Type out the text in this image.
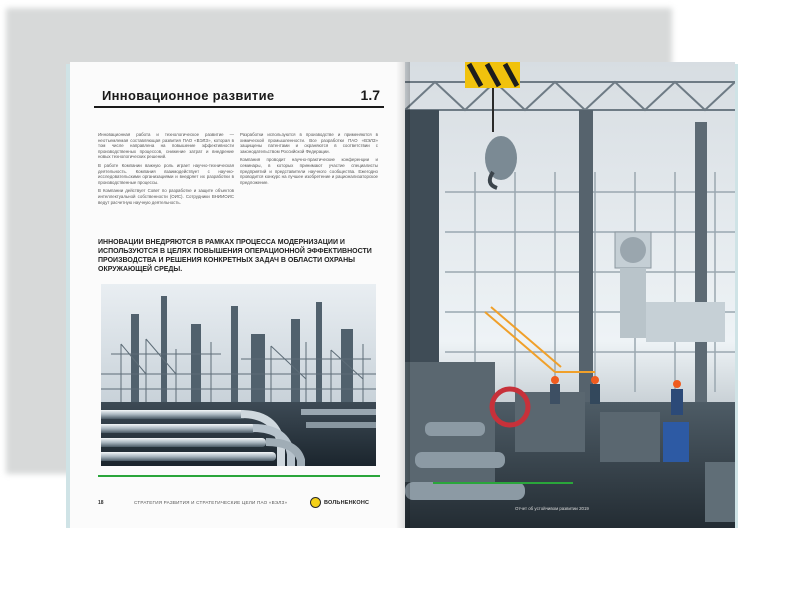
Инновационное развитие	1.7

Инновационная работа и технологическое развитие — неотъемлемая составляющая развития ПАО «ВЭЛЗ», которая в том числе направлена на повышение эффективности производственных процессов, снижение затрат и внедрение новых технологических решений.

В работе Компании важную роль играет научно-техническая деятельность. Компания взаимодействует с научно-исследовательскими организациями и внедряет их разработки в производственные процессы.

В Компании действует Совет по разработке и защите объектов интеллектуальной собственности (ОИС). Сотрудники ВНИИОИС ведут расчетную научную деятельность.

Разработки используются в производстве и применяются в химической промышленности. Все разработки ПАО «ВЭЛЗ» защищены патентами и охраняются в соответствии с законодательством Российской Федерации.

Компания проводит научно-практические конференции и семинары, в которых принимают участие специалисты предприятий и представители научного сообщества. Ежегодно проводится конкурс на лучшее изобретение и рационализаторское предложение.

ИННОВАЦИИ ВНЕДРЯЮТСЯ В РАМКАХ ПРОЦЕССА МОДЕРНИЗАЦИИ И ИСПОЛЬЗУЮТСЯ В ЦЕЛЯХ ПОВЫШЕНИЯ ОПЕРАЦИОННОЙ ЭФФЕКТИВНОСТИ ПРОИЗВОДСТВА И РЕШЕНИЯ КОНКРЕТНЫХ ЗАДАЧ В ОБЛАСТИ ОХРАНЫ ОКРУЖАЮЩЕЙ СРЕДЫ.
18	СТРАТЕГИЯ РАЗВИТИЯ И СТРАТЕГИЧЕСКИЕ ЦЕЛИ ПАО «ВЭЛЗ»	ВОЛЬНЕНКОНС
Отчет об устойчивом развитии 2019
